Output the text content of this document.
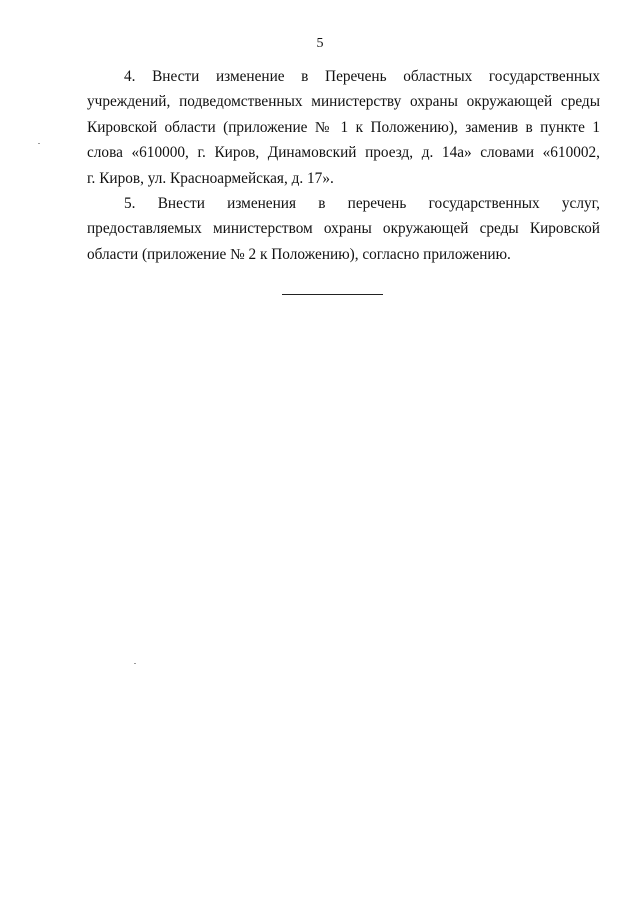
5

4. Внести изменение в Перечень областных государственных
учреждений, подведомственных министерству охраны окружающей среды
Кировской области (приложение № 1 к Положению), заменив в пункте 1
слова «610000, г. Киров, Динамовский проезд, д. 14а» словами «610002,
г. Киров, ул. Красноармейская, д. 17».

5. Внести изменения в перечень государственных услуг,
предоставляемых министерством охраны окружающей среды Кировской
области (приложение № 2 к Положению), согласно приложению.
